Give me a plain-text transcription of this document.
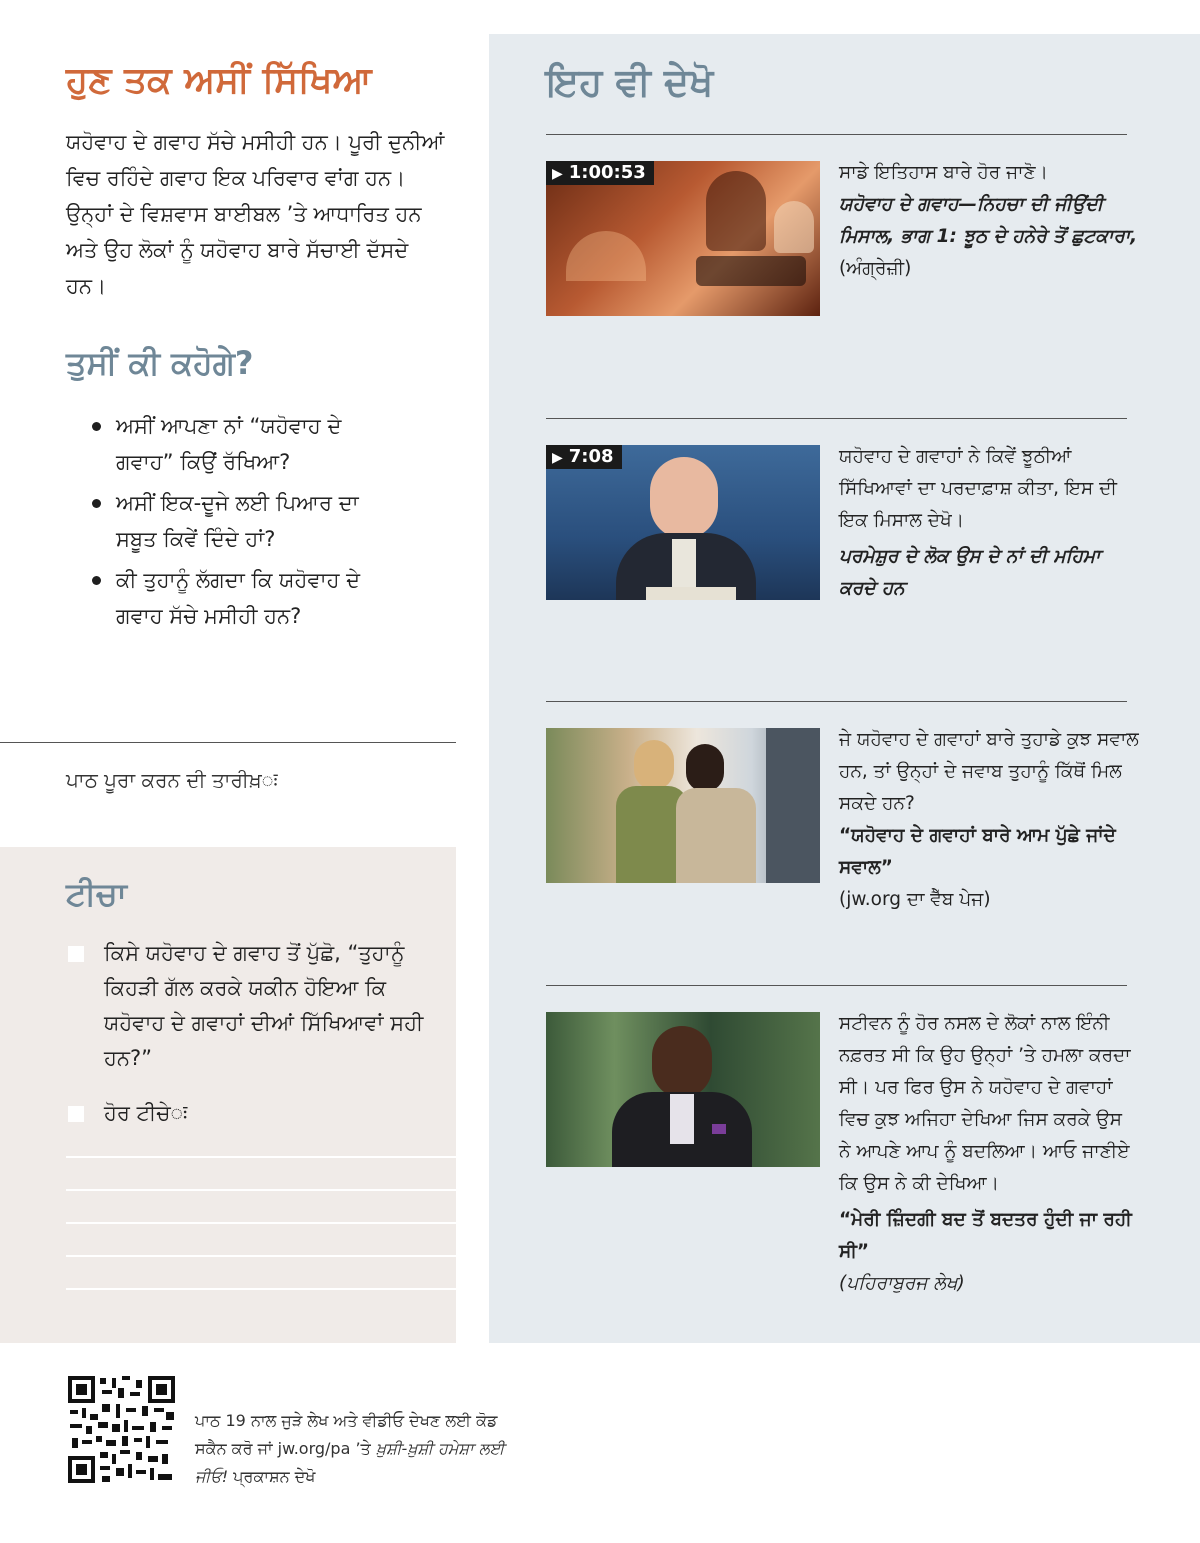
ਹੁਣ ਤਕ ਅਸੀਂ ਸਿੱਖਿਆ

ਯਹੋਵਾਹ ਦੇ ਗਵਾਹ ਸੱਚੇ ਮਸੀਹੀ ਹਨ। ਪੂਰੀ ਦੁਨੀਆਂ ਵਿਚ ਰਹਿੰਦੇ ਗਵਾਹ ਇਕ ਪਰਿਵਾਰ ਵਾਂਗ ਹਨ। ਉਨ੍ਹਾਂ ਦੇ ਵਿਸ਼ਵਾਸ ਬਾਈਬਲ ’ਤੇ ਆਧਾਰਿਤ ਹਨ ਅਤੇ ਉਹ ਲੋਕਾਂ ਨੂੰ ਯਹੋਵਾਹ ਬਾਰੇ ਸੱਚਾਈ ਦੱਸਦੇ ਹਨ।

ਤੁਸੀਂ ਕੀ ਕਹੋਗੇ?
ਅਸੀਂ ਆਪਣਾ ਨਾਂ “ਯਹੋਵਾਹ ਦੇ ਗਵਾਹ” ਕਿਉਂ ਰੱਖਿਆ?
ਅਸੀਂ ਇਕ-ਦੂਜੇ ਲਈ ਪਿਆਰ ਦਾ ਸਬੂਤ ਕਿਵੇਂ ਦਿੰਦੇ ਹਾਂ?
ਕੀ ਤੁਹਾਨੂੰ ਲੱਗਦਾ ਕਿ ਯਹੋਵਾਹ ਦੇ ਗਵਾਹ ਸੱਚੇ ਮਸੀਹੀ ਹਨ?
ਪਾਠ ਪੂਰਾ ਕਰਨ ਦੀ ਤਾਰੀਖ਼ः
ਟੀਚਾ
ਕਿਸੇ ਯਹੋਵਾਹ ਦੇ ਗਵਾਹ ਤੋਂ ਪੁੱਛੋ, “ਤੁਹਾਨੂੰ ਕਿਹੜੀ ਗੱਲ ਕਰਕੇ ਯਕੀਨ ਹੋਇਆ ਕਿ ਯਹੋਵਾਹ ਦੇ ਗਵਾਹਾਂ ਦੀਆਂ ਸਿੱਖਿਆਵਾਂ ਸਹੀ ਹਨ?”
ਹੋਰ ਟੀਚੇः
ਇਹ ਵੀ ਦੇਖੋ
▶ 1:00:53	ਸਾਡੇ ਇਤਿਹਾਸ ਬਾਰੇ ਹੋਰ ਜਾਣੋ।
ਯਹੋਵਾਹ ਦੇ ਗਵਾਹ—ਨਿਹਚਾ ਦੀ ਜੀਉਂਦੀ ਮਿਸਾਲ, ਭਾਗ 1: ਝੂਠ ਦੇ ਹਨੇਰੇ ਤੋਂ ਛੁਟਕਾਰਾ, (ਅੰਗ੍ਰੇਜ਼ੀ)
▶ 7:08	ਯਹੋਵਾਹ ਦੇ ਗਵਾਹਾਂ ਨੇ ਕਿਵੇਂ ਝੂਠੀਆਂ ਸਿੱਖਿਆਵਾਂ ਦਾ ਪਰਦਾਫ਼ਾਸ਼ ਕੀਤਾ, ਇਸ ਦੀ ਇਕ ਮਿਸਾਲ ਦੇਖੋ।
ਪਰਮੇਸ਼ੁਰ ਦੇ ਲੋਕ ਉਸ ਦੇ ਨਾਂ ਦੀ ਮਹਿਮਾ ਕਰਦੇ ਹਨ
ਜੇ ਯਹੋਵਾਹ ਦੇ ਗਵਾਹਾਂ ਬਾਰੇ ਤੁਹਾਡੇ ਕੁਝ ਸਵਾਲ ਹਨ, ਤਾਂ ਉਨ੍ਹਾਂ ਦੇ ਜਵਾਬ ਤੁਹਾਨੂੰ ਕਿੱਥੋਂ ਮਿਲ ਸਕਦੇ ਹਨ?
“ਯਹੋਵਾਹ ਦੇ ਗਵਾਹਾਂ ਬਾਰੇ ਆਮ ਪੁੱਛੇ ਜਾਂਦੇ ਸਵਾਲ”
(jw.org ਦਾ ਵੈੱਬ ਪੇਜ)
ਸਟੀਵਨ ਨੂੰ ਹੋਰ ਨਸਲ ਦੇ ਲੋਕਾਂ ਨਾਲ ਇੰਨੀ ਨਫ਼ਰਤ ਸੀ ਕਿ ਉਹ ਉਨ੍ਹਾਂ ’ਤੇ ਹਮਲਾ ਕਰਦਾ ਸੀ। ਪਰ ਫਿਰ ਉਸ ਨੇ ਯਹੋਵਾਹ ਦੇ ਗਵਾਹਾਂ ਵਿਚ ਕੁਝ ਅਜਿਹਾ ਦੇਖਿਆ ਜਿਸ ਕਰਕੇ ਉਸ ਨੇ ਆਪਣੇ ਆਪ ਨੂੰ ਬਦਲਿਆ। ਆਓ ਜਾਣੀਏ ਕਿ ਉਸ ਨੇ ਕੀ ਦੇਖਿਆ।
“ਮੇਰੀ ਜ਼ਿੰਦਗੀ ਬਦ ਤੋਂ ਬਦਤਰ ਹੁੰਦੀ ਜਾ ਰਹੀ ਸੀ” (ਪਹਿਰਾਬੁਰਜ ਲੇਖ)
ਪਾਠ 19 ਨਾਲ ਜੁੜੇ ਲੇਖ ਅਤੇ ਵੀਡੀਓ ਦੇਖਣ ਲਈ ਕੋਡ ਸਕੈਨ ਕਰੋ ਜਾਂ jw.org/pa ’ਤੇ ਖ਼ੁਸ਼ੀ-ਖ਼ੁਸ਼ੀ ਹਮੇਸ਼ਾ ਲਈ ਜੀਓ! ਪ੍ਰਕਾਸ਼ਨ ਦੇਖੋ
